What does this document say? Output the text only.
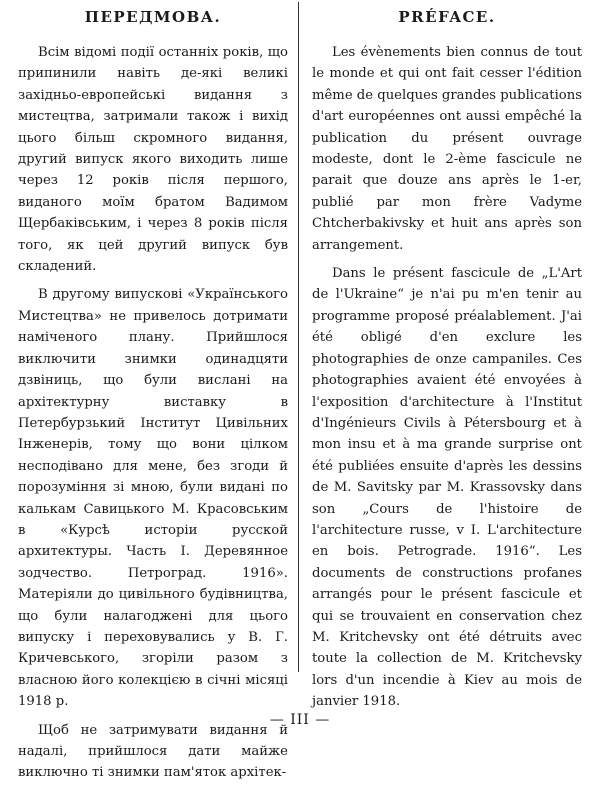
ПЕРЕДМОВА.

Всім відомі події останніх років, що припинили навіть де-які великі західньо-европейські видання з мистецтва, затримали також і вихід цього більш скромного видання, другий випуск якого виходить лише через 12 років після першого, виданого моїм братом Вадимом Щербаківським, і через 8 років після того, як цей другий випуск був складений.

В другому випускові «Українського Мистецтва» не привелось дотримати наміченого плану. Прийшлося виключити знимки одинадцяти дзвіниць, що були вислані на архітектурну виставку в Петербурзький Інститут Цивільних Інженерів, тому що вони цілком несподівано для мене, без згоди й порозуміння зі мною, були видані по калькам Савицького М. Красовським в «Курсѣ исторіи русской архитектуры. Часть I. Деревянное зодчество. Петроград. 1916». Матеріяли до цивільного будівництва, що були налагоджені для цього випуску і переховувались у В. Г. Кричевського, згоріли разом з власною його колекцією в січні місяці 1918 р.

Щоб не затримувати видання й надалі, прийшлося дати майже виключно ті знимки пам'яток архітек-

PRÉFACE.

Les évènements bien connus de tout le monde et qui ont fait cesser l'édition même de quelques grandes publications d'art européennes ont aussi empêché la publication du présent ouvrage modeste, dont le 2-ème fascicule ne parait que douze ans après le 1-er, publié par mon frère Vadyme Chtcherbakivsky et huit ans après son arrangement.

Dans le présent fascicule de „L'Art de l'Ukraine“ je n'ai pu m'en tenir au programme proposé préalablement. J'ai été obligé d'en exclure les photographies de onze campaniles. Ces photographies avaient été envoyées à l'exposition d'architecture à l'Institut d'Ingénieurs Civils à Pétersbourg et à mon insu et à ma grande surprise ont été publiées ensuite d'après les dessins de M. Savitsky par M. Krassovsky dans son „Cours de l'histoire de l'architecture russe, v I. L'architecture en bois. Petrograde. 1916“. Les documents de constructions profanes arrangés pour le présent fascicule et qui se trouvaient en conservation chez M. Kritchevsky ont été détruits avec toute la collection de M. Kritchevsky lors d'un incendie à Kiev au mois de janvier 1918.

— III —
